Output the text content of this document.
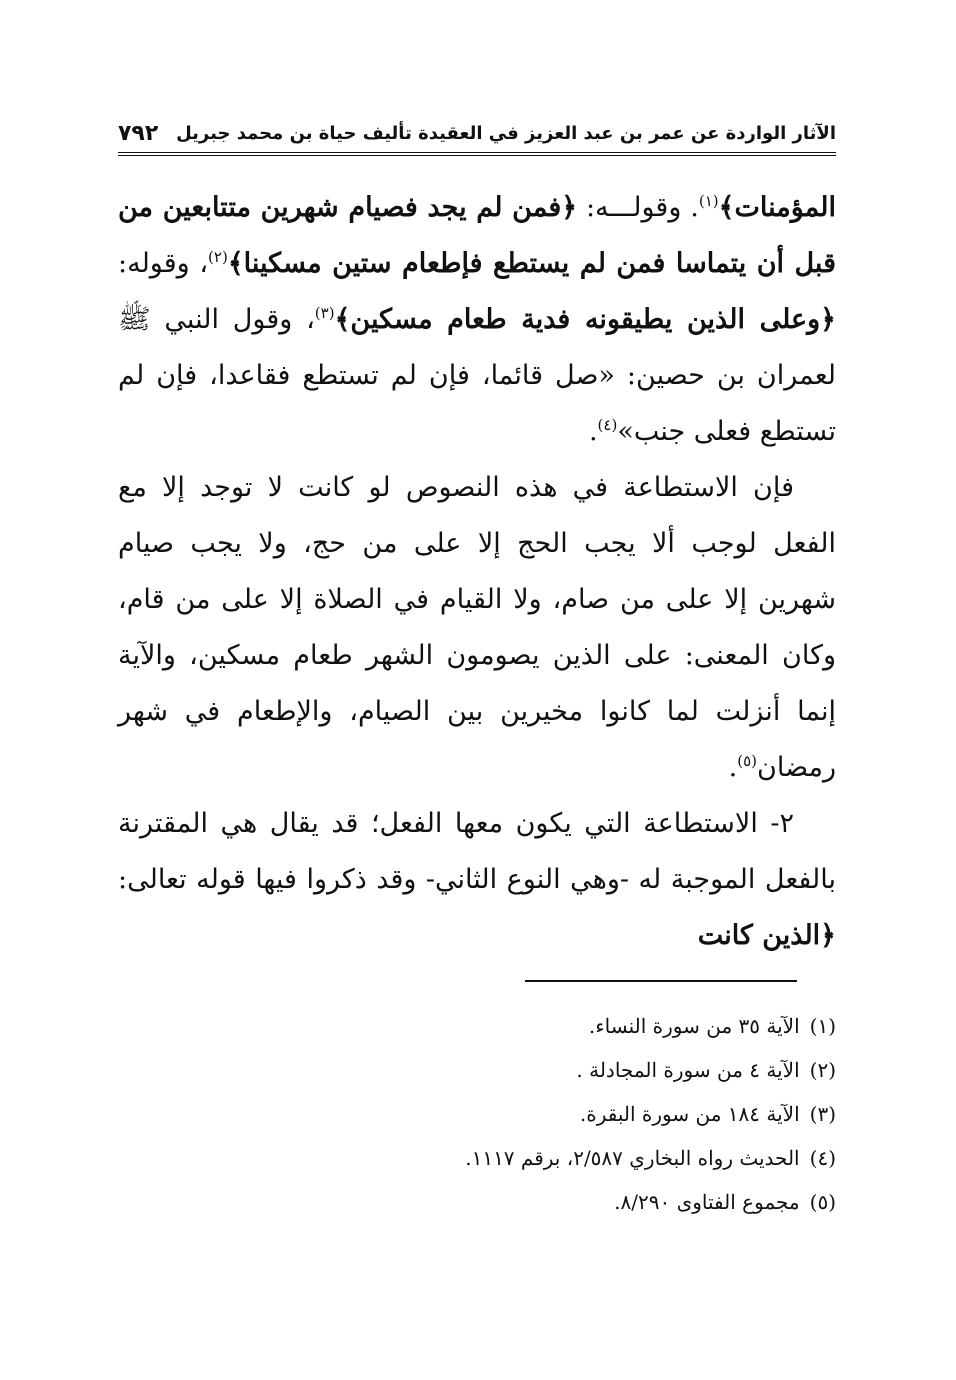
الآثار الواردة عن عمر بن عبد العزيز في العقيدة تأليف حياة بن محمد جبريل
٧٩٢

المؤمنات﴾$^{(١)}$. وقولـــه: ﴿فمن لم يجد فصيام شهرين متتابعين من قبل أن يتماسا فمن لم يستطع فإطعام ستين مسكينا﴾$^{(٢)}$، وقوله: ﴿وعلى الذين يطيقونه فدية طعام مسكين﴾$^{(٣)}$، وقول النبي ﷺ لعمران بن حصين: «صل قائما، فإن لم تستطع فقاعدا، فإن لم تستطع فعلى جنب»$^{(٤)}$.

فإن الاستطاعة في هذه النصوص لو كانت لا توجد إلا مع الفعل لوجب ألا يجب الحج إلا على من حج، ولا يجب صيام شهرين إلا على من صام، ولا القيام في الصلاة إلا على من قام، وكان المعنى: على الذين يصومون الشهر طعام مسكين، والآية إنما أنزلت لما كانوا مخيرين بين الصيام، والإطعام في شهر رمضان$^{(٥)}$.

٢- الاستطاعة التي يكون معها الفعل؛ قد يقال هي المقترنة بالفعل الموجبة له -وهي النوع الثاني- وقد ذكروا فيها قوله تعالى: ﴿الذين كانت

(١)الآية ٣٥ من سورة النساء.
(٢)الآية ٤ من سورة المجادلة .
(٣)الآية ١٨٤ من سورة البقرة.
(٤)الحديث رواه البخاري ٢/٥٨٧، برقم ١١١٧.
(٥)مجموع الفتاوى ٨/٢٩٠.
